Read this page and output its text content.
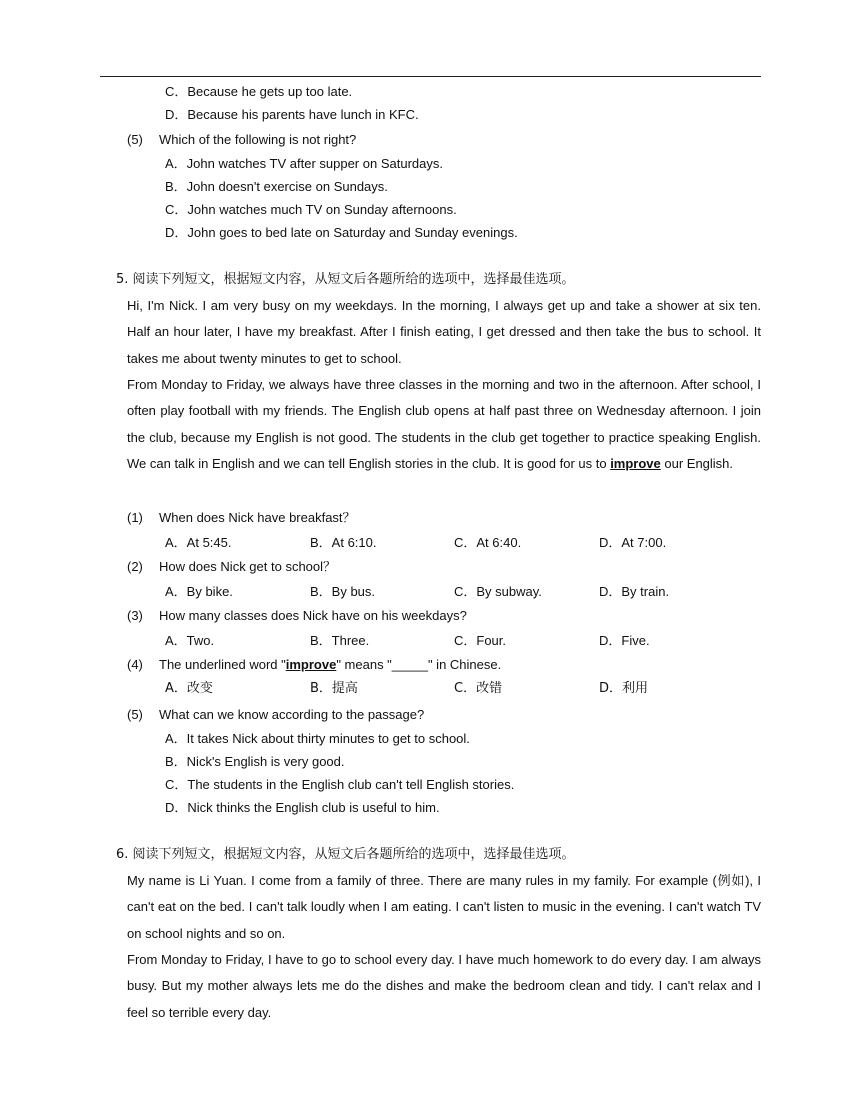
C．Because he gets up too late.
D．Because his parents have lunch in KFC.
(5) Which of the following is not right?
A．John watches TV after supper on Saturdays.
B．John doesn't exercise on Sundays.
C．John watches much TV on Sunday afternoons.
D．John goes to bed late on Saturday and Sunday evenings.
5. 阅读下列短文，根据短文内容，从短文后各题所给的选项中，选择最佳选项。
Hi, I'm Nick. I am very busy on my weekdays. In the morning, I always get up and take a shower at six ten. Half an hour later, I have my breakfast. After I finish eating, I get dressed and then take the bus to school. It takes me about twenty minutes to get to school.
From Monday to Friday, we always have three classes in the morning and two in the afternoon. After school, I often play football with my friends. The English club opens at half past three on Wednesday afternoon. I join the club, because my English is not good. The students in the club get together to practice speaking English. We can talk in English and we can tell English stories in the club. It is good for us to improve our English.
(1) When does Nick have breakfast？
A．At 5:45.	B．At 6:10.	C．At 6:40.	D．At 7:00.
(2) How does Nick get to school？
A．By bike.	B．By bus.	C．By subway.	D．By train.
(3) How many classes does Nick have on his weekdays?
A．Two.	B．Three.	C．Four.	D．Five.
(4) The underlined word "improve" means "_____" in Chinese.
A．改变	B．提高	C．改错	D．利用
(5) What can we know according to the passage?
A．It takes Nick about thirty minutes to get to school.
B．Nick's English is very good.
C．The students in the English club can't tell English stories.
D．Nick thinks the English club is useful to him.
6. 阅读下列短文，根据短文内容，从短文后各题所给的选项中，选择最佳选项。
My name is Li Yuan. I come from a family of three. There are many rules in my family. For example (例如), I can't eat on the bed. I can't talk loudly when I am eating. I can't listen to music in the evening. I can't watch TV on school nights and so on.
From Monday to Friday, I have to go to school every day. I have much homework to do every day. I am always busy. But my mother always lets me do the dishes and make the bedroom clean and tidy. I can't relax and I feel so terrible every day.
